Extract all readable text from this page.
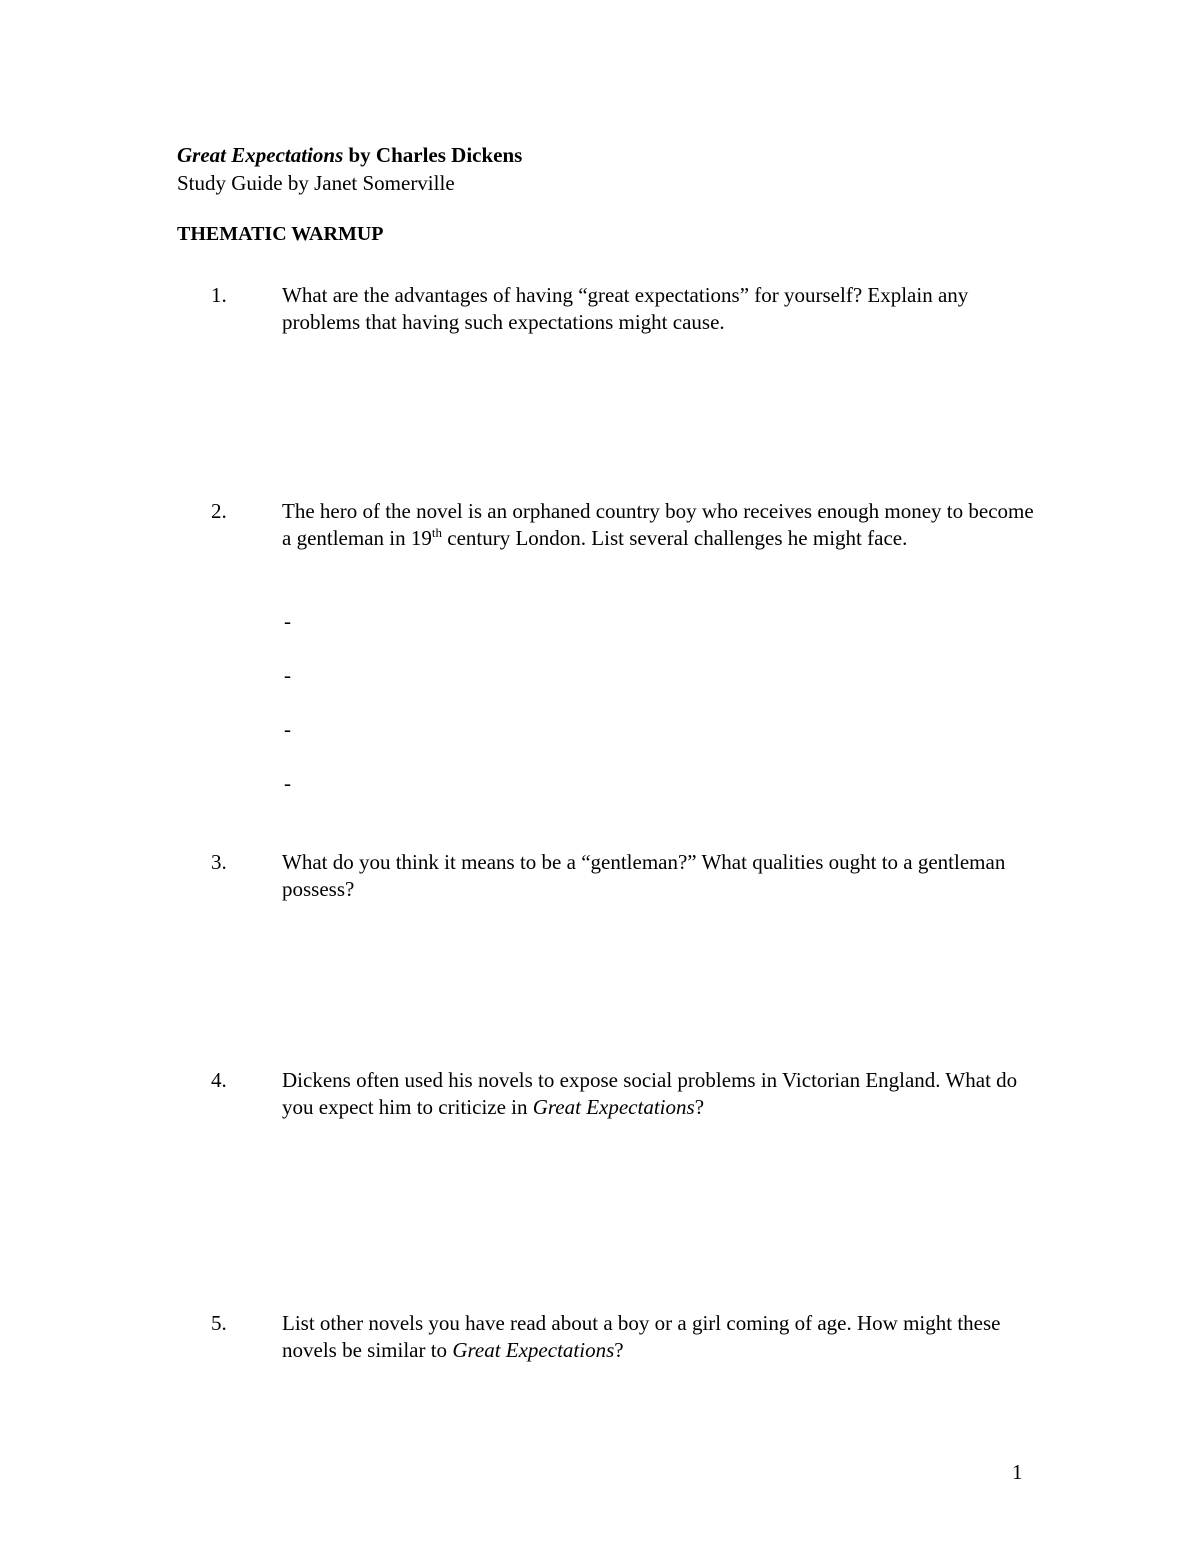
Great Expectations by Charles Dickens
Study Guide by Janet Somerville
THEMATIC WARMUP
1.	What are the advantages of having “great expectations” for yourself? Explain any problems that having such expectations might cause.
2.	The hero of the novel is an orphaned country boy who receives enough money to become a gentleman in 19th century London. List several challenges he might face.
-
-
-
-
3.	What do you think it means to be a “gentleman?” What qualities ought to a gentleman possess?
4.	Dickens often used his novels to expose social problems in Victorian England. What do you expect him to criticize in Great Expectations?
5.	List other novels you have read about a boy or a girl coming of age. How might these novels be similar to Great Expectations?
1
